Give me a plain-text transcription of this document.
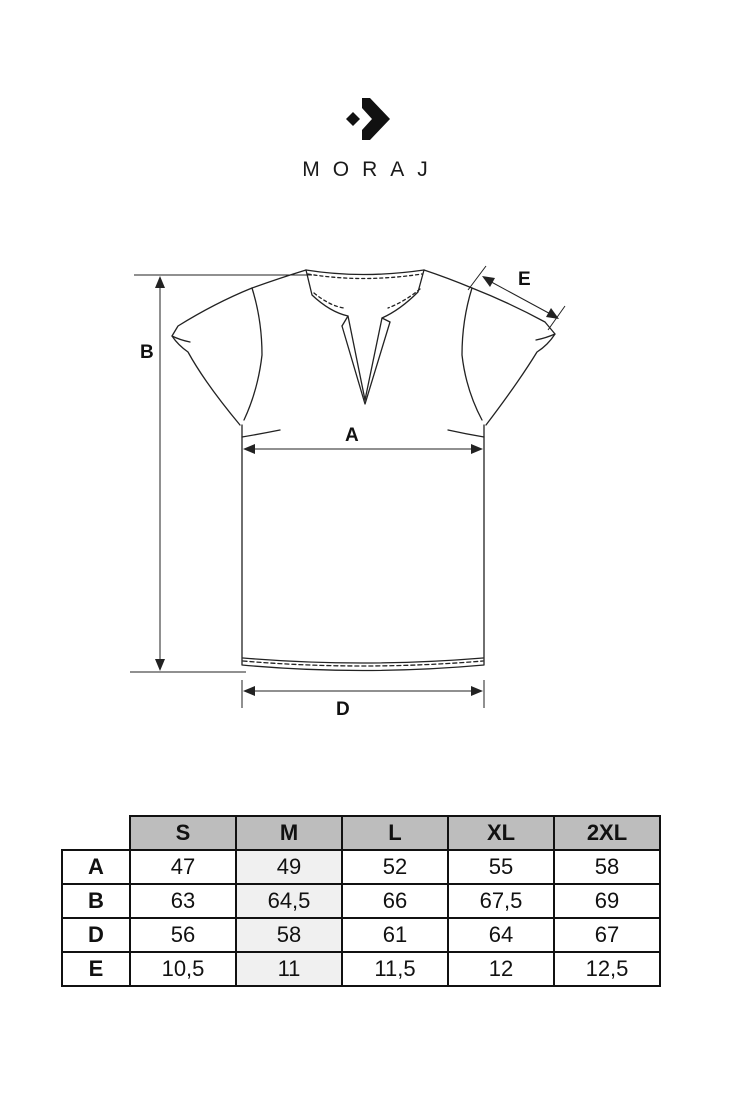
MORAJ
B
A
D
E
	S	M	L	XL	2XL
A	47	49	52	55	58
B	63	64,5	66	67,5	69
D	56	58	61	64	67
E	10,5	11	11,5	12	12,5
